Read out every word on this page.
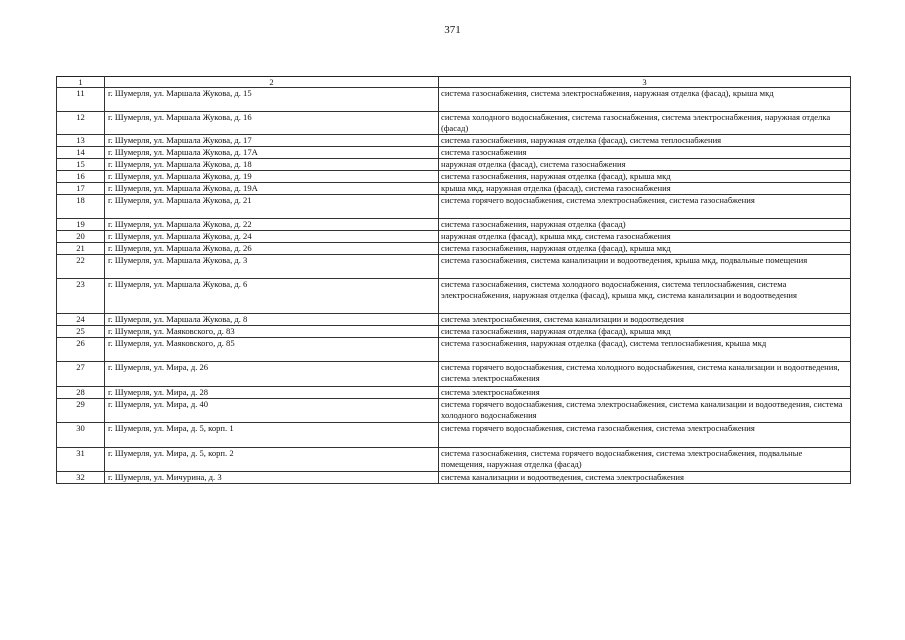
371
1	2	3
11	г. Шумерля, ул. Маршала Жукова, д. 15	система газоснабжения, система электроснабжения, наружная отделка (фасад), крыша мкд
12	г. Шумерля, ул. Маршала Жукова, д. 16	система холодного водоснабжения, система газоснабжения, система электроснабжения, наружная отделка (фасад)
13	г. Шумерля, ул. Маршала Жукова, д. 17	система газоснабжения, наружная отделка (фасад), система теплоснабжения
14	г. Шумерля, ул. Маршала Жукова, д. 17А	система газоснабжения
15	г. Шумерля, ул. Маршала Жукова, д. 18	наружная отделка (фасад), система газоснабжения
16	г. Шумерля, ул. Маршала Жукова, д. 19	система газоснабжения, наружная отделка (фасад), крыша мкд
17	г. Шумерля, ул. Маршала Жукова, д. 19А	крыша мкд, наружная отделка (фасад), система газоснабжения
18	г. Шумерля, ул. Маршала Жукова, д. 21	система горячего водоснабжения, система электроснабжения, система газоснабжения
19	г. Шумерля, ул. Маршала Жукова, д. 22	система газоснабжения, наружная отделка (фасад)
20	г. Шумерля, ул. Маршала Жукова, д. 24	наружная отделка (фасад), крыша мкд, система газоснабжения
21	г. Шумерля, ул. Маршала Жукова, д. 26	система газоснабжения, наружная отделка (фасад), крыша мкд
22	г. Шумерля, ул. Маршала Жукова, д. 3	система газоснабжения, система канализации и водоотведения, крыша мкд, подвальные помещения
23	г. Шумерля, ул. Маршала Жукова, д. 6	система газоснабжения, система холодного водоснабжения, система теплоснабжения, система электроснабжения, наружная отделка (фасад), крыша мкд, система канализации и водоотведения
24	г. Шумерля, ул. Маршала Жукова, д. 8	система электроснабжения, система канализации и водоотведения
25	г. Шумерля, ул. Маяковского, д. 83	система газоснабжения, наружная отделка (фасад), крыша мкд
26	г. Шумерля, ул. Маяковского, д. 85	система газоснабжения, наружная отделка (фасад), система теплоснабжения, крыша мкд
27	г. Шумерля, ул. Мира, д. 26	система горячего водоснабжения, система холодного водоснабжения, система канализации и водоотведения, система электроснабжения
28	г. Шумерля, ул. Мира, д. 28	система электроснабжения
29	г. Шумерля, ул. Мира, д. 40	система горячего водоснабжения, система электроснабжения, система канализации и водоотведения, система холодного водоснабжения
30	г. Шумерля, ул. Мира, д. 5, корп. 1	система горячего водоснабжения, система газоснабжения, система электроснабжения
31	г. Шумерля, ул. Мира, д. 5, корп. 2	система газоснабжения, система горячего водоснабжения, система электроснабжения, подвальные помещения, наружная отделка (фасад)
32	г. Шумерля, ул. Мичурина, д. 3	система канализации и водоотведения, система электроснабжения
